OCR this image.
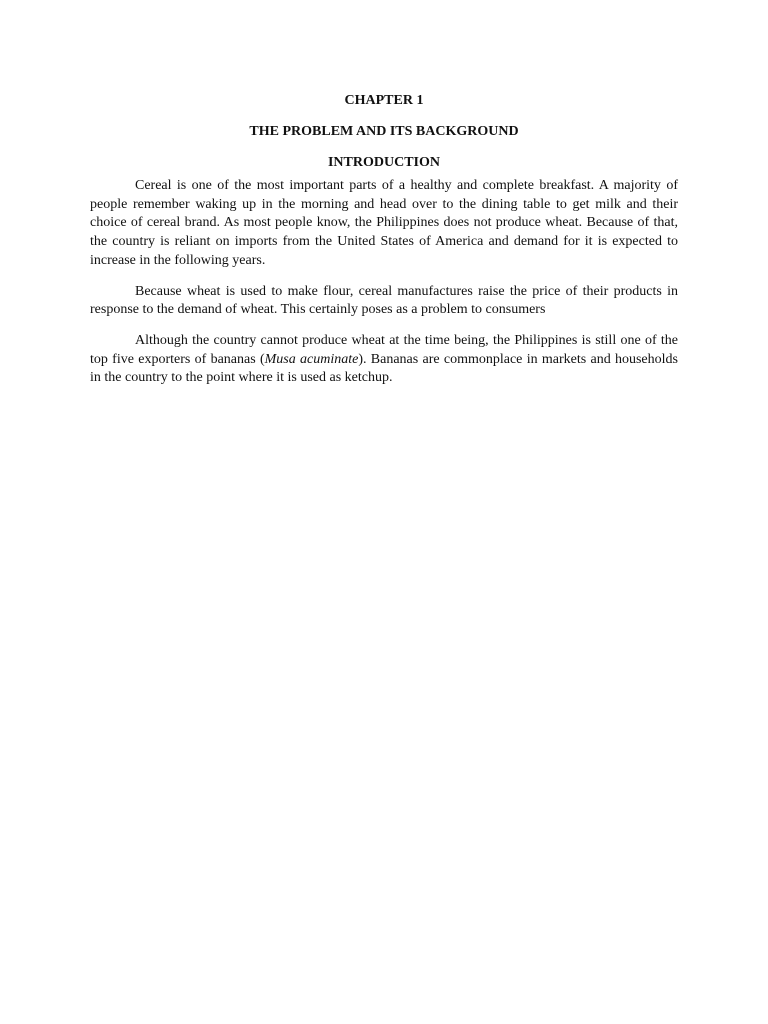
CHAPTER 1

THE PROBLEM AND ITS BACKGROUND

INTRODUCTION

Cereal is one of the most important parts of a healthy and complete breakfast. A majority of people remember waking up in the morning and head over to the dining table to get milk and their choice of cereal brand. As most people know, the Philippines does not produce wheat. Because of that, the country is reliant on imports from the United States of America and demand for it is expected to increase in the following years.

Because wheat is used to make flour, cereal manufactures raise the price of their products in response to the demand of wheat. This certainly poses as a problem to consumers

Although the country cannot produce wheat at the time being, the Philippines is still one of the top five exporters of bananas (Musa acuminate). Bananas are commonplace in markets and households in the country to the point where it is used as ketchup.
